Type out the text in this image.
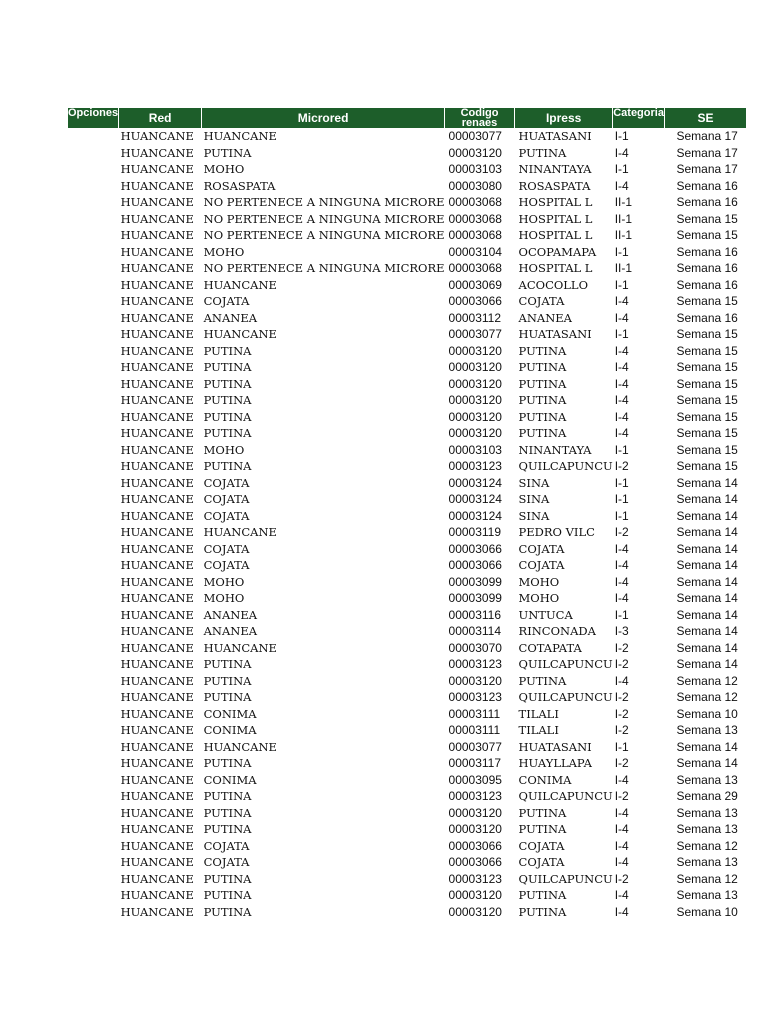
Opciones	Red	Microred	Codigo renaes	Ipress	Categoria	SE
	HUANCANE	HUANCANE	00003077	HUATASANI	I-1	Semana 17
	HUANCANE	PUTINA	00003120	PUTINA	I-4	Semana 17
	HUANCANE	MOHO	00003103	NINANTAYA	I-1	Semana 17
	HUANCANE	ROSASPATA	00003080	ROSASPATA	I-4	Semana 16
	HUANCANE	NO PERTENECE A NINGUNA MICRORE	00003068	HOSPITAL L	II-1	Semana 16
	HUANCANE	NO PERTENECE A NINGUNA MICRORE	00003068	HOSPITAL L	II-1	Semana 15
	HUANCANE	NO PERTENECE A NINGUNA MICRORE	00003068	HOSPITAL L	II-1	Semana 15
	HUANCANE	MOHO	00003104	OCOPAMAPA	I-1	Semana 16
	HUANCANE	NO PERTENECE A NINGUNA MICRORE	00003068	HOSPITAL L	II-1	Semana 16
	HUANCANE	HUANCANE	00003069	ACOCOLLO	I-1	Semana 16
	HUANCANE	COJATA	00003066	COJATA	I-4	Semana 15
	HUANCANE	ANANEA	00003112	ANANEA	I-4	Semana 16
	HUANCANE	HUANCANE	00003077	HUATASANI	I-1	Semana 15
	HUANCANE	PUTINA	00003120	PUTINA	I-4	Semana 15
	HUANCANE	PUTINA	00003120	PUTINA	I-4	Semana 15
	HUANCANE	PUTINA	00003120	PUTINA	I-4	Semana 15
	HUANCANE	PUTINA	00003120	PUTINA	I-4	Semana 15
	HUANCANE	PUTINA	00003120	PUTINA	I-4	Semana 15
	HUANCANE	PUTINA	00003120	PUTINA	I-4	Semana 15
	HUANCANE	MOHO	00003103	NINANTAYA	I-1	Semana 15
	HUANCANE	PUTINA	00003123	QUILCAPUNCU	I-2	Semana 15
	HUANCANE	COJATA	00003124	SINA	I-1	Semana 14
	HUANCANE	COJATA	00003124	SINA	I-1	Semana 14
	HUANCANE	COJATA	00003124	SINA	I-1	Semana 14
	HUANCANE	HUANCANE	00003119	PEDRO VILC	I-2	Semana 14
	HUANCANE	COJATA	00003066	COJATA	I-4	Semana 14
	HUANCANE	COJATA	00003066	COJATA	I-4	Semana 14
	HUANCANE	MOHO	00003099	MOHO	I-4	Semana 14
	HUANCANE	MOHO	00003099	MOHO	I-4	Semana 14
	HUANCANE	ANANEA	00003116	UNTUCA	I-1	Semana 14
	HUANCANE	ANANEA	00003114	RINCONADA	I-3	Semana 14
	HUANCANE	HUANCANE	00003070	COTAPATA	I-2	Semana 14
	HUANCANE	PUTINA	00003123	QUILCAPUNCU	I-2	Semana 14
	HUANCANE	PUTINA	00003120	PUTINA	I-4	Semana 12
	HUANCANE	PUTINA	00003123	QUILCAPUNCU	I-2	Semana 12
	HUANCANE	CONIMA	00003111	TILALI	I-2	Semana 10
	HUANCANE	CONIMA	00003111	TILALI	I-2	Semana 13
	HUANCANE	HUANCANE	00003077	HUATASANI	I-1	Semana 14
	HUANCANE	PUTINA	00003117	HUAYLLAPA	I-2	Semana 14
	HUANCANE	CONIMA	00003095	CONIMA	I-4	Semana 13
	HUANCANE	PUTINA	00003123	QUILCAPUNCU	I-2	Semana 29
	HUANCANE	PUTINA	00003120	PUTINA	I-4	Semana 13
	HUANCANE	PUTINA	00003120	PUTINA	I-4	Semana 13
	HUANCANE	COJATA	00003066	COJATA	I-4	Semana 12
	HUANCANE	COJATA	00003066	COJATA	I-4	Semana 13
	HUANCANE	PUTINA	00003123	QUILCAPUNCU	I-2	Semana 12
	HUANCANE	PUTINA	00003120	PUTINA	I-4	Semana 13
	HUANCANE	PUTINA	00003120	PUTINA	I-4	Semana 10
